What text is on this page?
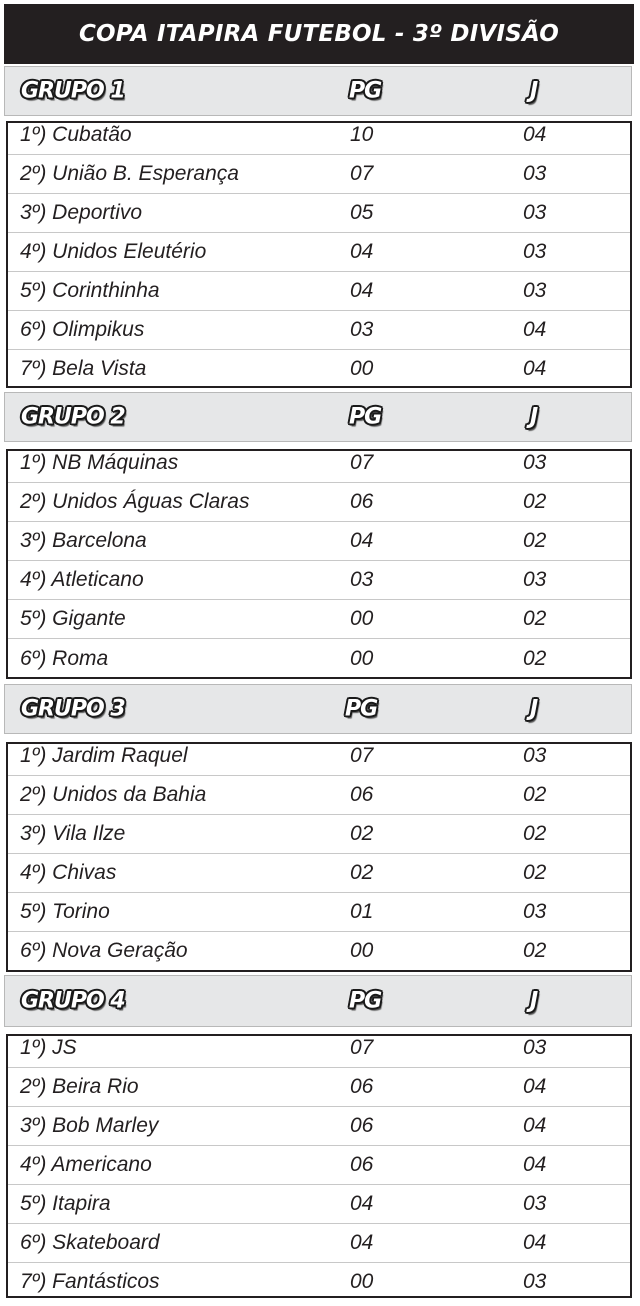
COPA ITAPIRA FUTEBOL - 3º DIVISÃO
GRUPO 1	PG	J
1º) Cubatão	10	04
2º) União B. Esperança	07	03
3º) Deportivo	05	03
4º) Unidos Eleutério	04	03
5º) Corinthinha	04	03
6º) Olimpikus	03	04
7º) Bela Vista	00	04
GRUPO 2	PG	J
1º) NB Máquinas	07	03
2º) Unidos Águas Claras	06	02
3º) Barcelona	04	02
4º) Atleticano	03	03
5º) Gigante	00	02
6º) Roma	00	02
GRUPO 3	PG	J
1º) Jardim Raquel	07	03
2º) Unidos da Bahia	06	02
3º) Vila Ilze	02	02
4º) Chivas	02	02
5º) Torino	01	03
6º) Nova Geração	00	02
GRUPO 4	PG	J
1º) JS	07	03
2º) Beira Rio	06	04
3º) Bob Marley	06	04
4º) Americano	06	04
5º) Itapira	04	03
6º) Skateboard	04	04
7º) Fantásticos	00	03
